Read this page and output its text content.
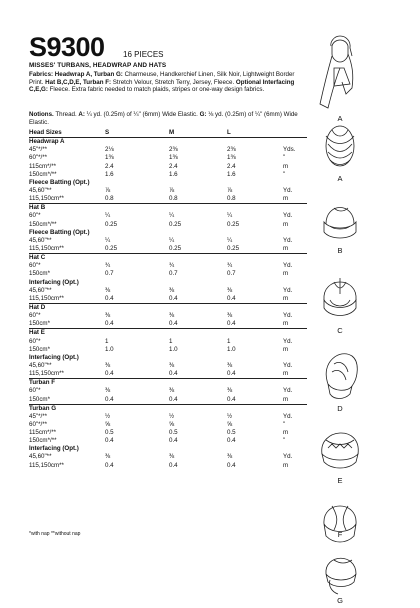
S9300 16 PIECES
MISSES' TURBANS, HEADWRAP AND HATS
Fabrics: Headwrap A, Turban G: Charmeuse, Handkerchief Linen, Silk Noir, Lightweight Border Print. Hat B,C,D,E, Turban F: Stretch Velour, Stretch Terry, Jersey, Fleece. Optional Interfacing C,E,G: Fleece. Extra fabric needed to match plaids, stripes or one-way design fabrics.
Notions. Thread. A: ¼ yd. (0.25m) of ¼" (6mm) Wide Elastic. G: ⅛ yd. (0.25m) of ¼" (6mm) Wide Elastic.
Head Sizes	S	M	L
Headwrap A
45"*/**	2⅛	2⅜	2⅜	Yds.
60"*/**	1⅜	1⅜	1⅜	"
115cm*/**	2.4	2.4	2.4	m
150cm*/**	1.6	1.6	1.6	"
Fleece Batting (Opt.)
45,60"**	⅞	⅞	⅞	Yd.
115,150cm**	0.8	0.8	0.8	m
Hat B
60"*	¼	¼	¼	Yd.
150cm*/**	0.25	0.25	0.25	m
Fleece Batting (Opt.)
45,60"**	¼	¼	¼	Yd.
115,150cm**	0.25	0.25	0.25	m
Hat C
60"*	¾	¾	¾	Yd.
150cm*	0.7	0.7	0.7	m
Interfacing (Opt.)
45,60"**	⅜	⅜	⅜	Yd.
115,150cm**	0.4	0.4	0.4	m
Hat D
60"*	⅜	⅜	⅜	Yd.
150cm*	0.4	0.4	0.4	m
Hat E
60"*	1	1	1	Yd.
150cm*	1.0	1.0	1.0	m
Interfacing (Opt.)
45,60"**	⅜	⅜	⅜	Yd.
115,150cm**	0.4	0.4	0.4	m
Turban F
60"*	⅜	⅜	⅜	Yd.
150cm*	0.4	0.4	0.4	m
Turban G
45"*/**	½	½	½	Yd.
60"*/**	⅝	⅝	⅝	"
115cm*/**	0.5	0.5	0.5	m
150cm*/**	0.4	0.4	0.4	"
Interfacing (Opt.)
45,60"**	⅜	⅜	⅜	Yd.
115,150cm**	0.4	0.4	0.4	m
*with nap **without nap
A
A
B
C
D
E
F
G
